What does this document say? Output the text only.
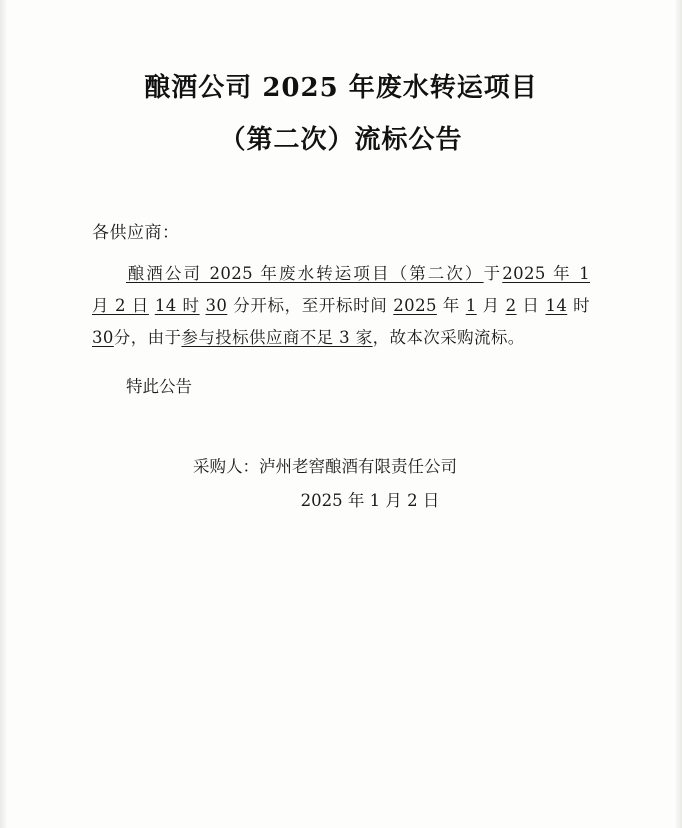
酿酒公司 2025 年废水转运项目
（第二次）流标公告
各供应商：
酿酒公司 2025 年废水转运项目（第二次）于2025 年 1月 2 日 14 时 30 分开标，至开标时间 2025 年 1 月 2 日 14 时 30分，由于参与投标供应商不足 3 家，故本次采购流标。
特此公告
采购人：泸州老窖酿酒有限责任公司
2025 年 1 月 2 日
